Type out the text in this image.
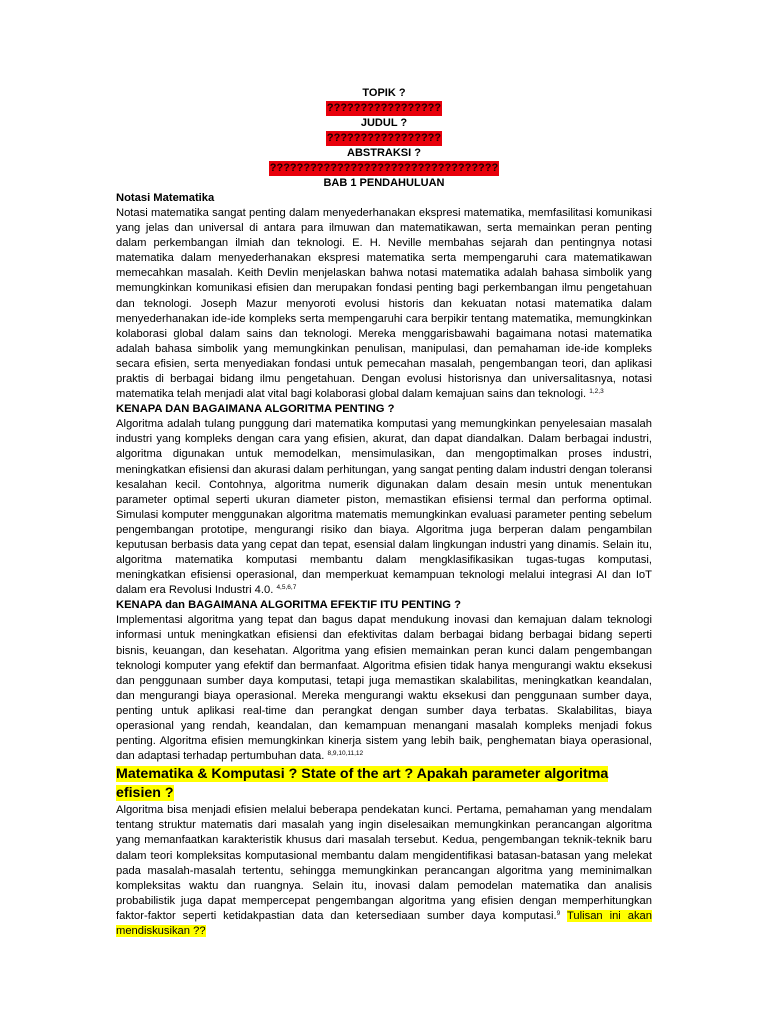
TOPIK ?
?????????????????
JUDUL ?
?????????????????
ABSTRAKSI ?
??????????????????????????????????
BAB 1 PENDAHULUAN
Notasi Matematika

Notasi matematika sangat penting dalam menyederhanakan ekspresi matematika, memfasilitasi komunikasi yang jelas dan universal di antara para ilmuwan dan matematikawan, serta memainkan peran penting dalam perkembangan ilmiah dan teknologi. E. H. Neville membahas sejarah dan pentingnya notasi matematika dalam menyederhanakan ekspresi matematika serta mempengaruhi cara matematikawan memecahkan masalah. Keith Devlin menjelaskan bahwa notasi matematika adalah bahasa simbolik yang memungkinkan komunikasi efisien dan merupakan fondasi penting bagi perkembangan ilmu pengetahuan dan teknologi. Joseph Mazur menyoroti evolusi historis dan kekuatan notasi matematika dalam menyederhanakan ide-ide kompleks serta mempengaruhi cara berpikir tentang matematika, memungkinkan kolaborasi global dalam sains dan teknologi. Mereka menggarisbawahi bagaimana notasi matematika adalah bahasa simbolik yang memungkinkan penulisan, manipulasi, dan pemahaman ide-ide kompleks secara efisien, serta menyediakan fondasi untuk pemecahan masalah, pengembangan teori, dan aplikasi praktis di berbagai bidang ilmu pengetahuan. Dengan evolusi historisnya dan universalitasnya, notasi matematika telah menjadi alat vital bagi kolaborasi global dalam kemajuan sains dan teknologi. $^{1,2,3}$

KENAPA DAN BAGAIMANA ALGORITMA PENTING ?

Algoritma adalah tulang punggung dari matematika komputasi yang memungkinkan penyelesaian masalah industri yang kompleks dengan cara yang efisien, akurat, dan dapat diandalkan. Dalam berbagai industri, algoritma digunakan untuk memodelkan, mensimulasikan, dan mengoptimalkan proses industri, meningkatkan efisiensi dan akurasi dalam perhitungan, yang sangat penting dalam industri dengan toleransi kesalahan kecil. Contohnya, algoritma numerik digunakan dalam desain mesin untuk menentukan parameter optimal seperti ukuran diameter piston, memastikan efisiensi termal dan performa optimal. Simulasi komputer menggunakan algoritma matematis memungkinkan evaluasi parameter penting sebelum pengembangan prototipe, mengurangi risiko dan biaya. Algoritma juga berperan dalam pengambilan keputusan berbasis data yang cepat dan tepat, esensial dalam lingkungan industri yang dinamis. Selain itu, algoritma matematika komputasi membantu dalam mengklasifikasikan tugas-tugas komputasi, meningkatkan efisiensi operasional, dan memperkuat kemampuan teknologi melalui integrasi AI dan IoT dalam era Revolusi Industri 4.0. $^{4,5,6,7}$

KENAPA dan BAGAIMANA ALGORITMA EFEKTIF ITU PENTING ?

Implementasi algoritma yang tepat dan bagus dapat mendukung inovasi dan kemajuan dalam teknologi informasi untuk meningkatkan efisiensi dan efektivitas dalam berbagai bidang berbagai bidang seperti bisnis, keuangan, dan kesehatan. Algoritma yang efisien memainkan peran kunci dalam pengembangan teknologi komputer yang efektif dan bermanfaat. Algoritma efisien tidak hanya mengurangi waktu eksekusi dan penggunaan sumber daya komputasi, tetapi juga memastikan skalabilitas, meningkatkan keandalan, dan mengurangi biaya operasional. Mereka mengurangi waktu eksekusi dan penggunaan sumber daya, penting untuk aplikasi real-time dan perangkat dengan sumber daya terbatas. Skalabilitas, biaya operasional yang rendah, keandalan, dan kemampuan menangani masalah kompleks menjadi fokus penting. Algoritma efisien memungkinkan kinerja sistem yang lebih baik, penghematan biaya operasional, dan adaptasi terhadap pertumbuhan data. $^{8,9,10,11,12}$

Matematika & Komputasi ? State of the art ? Apakah parameter algoritma efisien ?

Algoritma bisa menjadi efisien melalui beberapa pendekatan kunci. Pertama, pemahaman yang mendalam tentang struktur matematis dari masalah yang ingin diselesaikan memungkinkan perancangan algoritma yang memanfaatkan karakteristik khusus dari masalah tersebut. Kedua, pengembangan teknik-teknik baru dalam teori kompleksitas komputasional membantu dalam mengidentifikasi batasan-batasan yang melekat pada masalah-masalah tertentu, sehingga memungkinkan perancangan algoritma yang meminimalkan kompleksitas waktu dan ruangnya. Selain itu, inovasi dalam pemodelan matematika dan analisis probabilistik juga dapat mempercepat pengembangan algoritma yang efisien dengan memperhitungkan faktor-faktor seperti ketidakpastian data dan ketersediaan sumber daya komputasi.$^9$ Tulisan ini akan mendiskusikan ??
